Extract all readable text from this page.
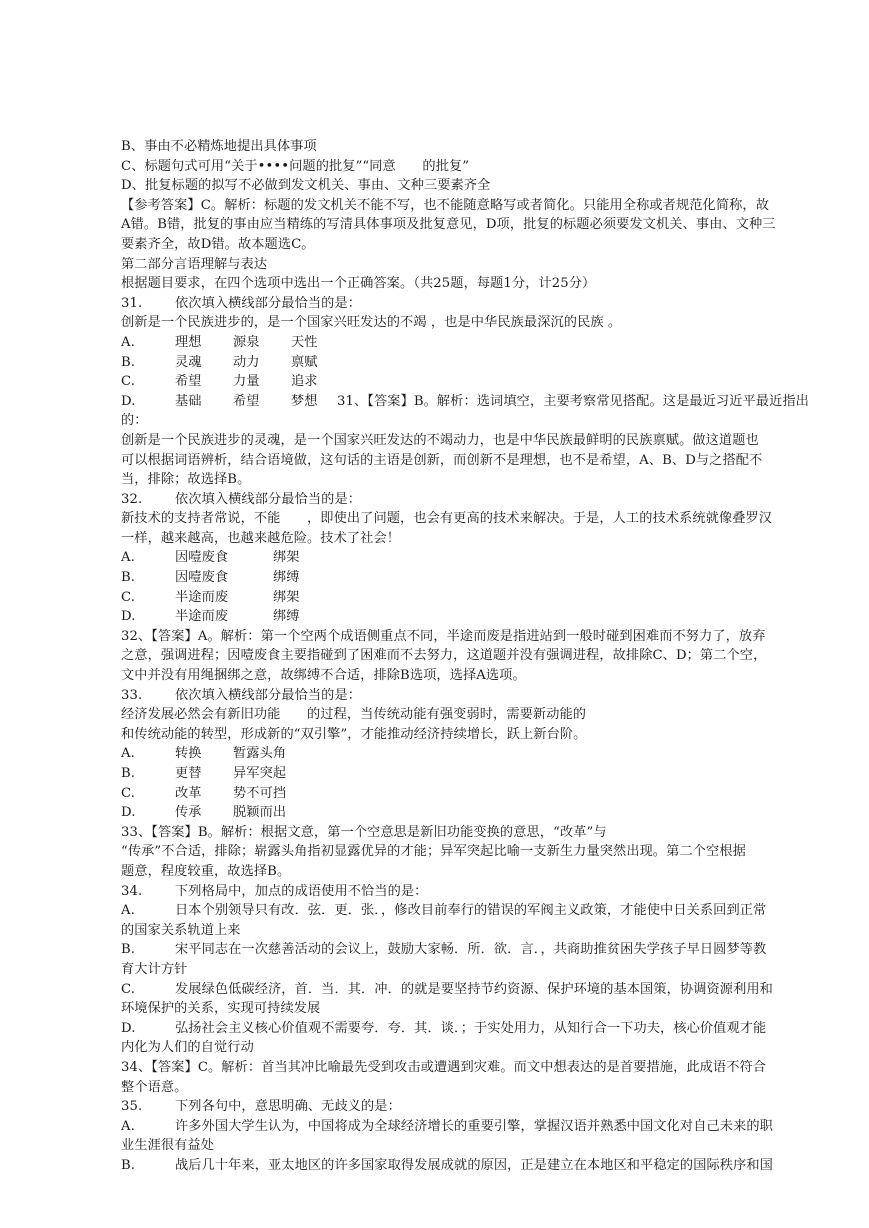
B、事由不必精炼地提出具体事项
C、标题句式可用“关于••••问题的批复”“同意　　的批复”
D、批复标题的拟写不必做到发文机关、事由、文种三要素齐全
【参考答案】C。解析：标题的发文机关不能不写，也不能随意略写或者简化。只能用全称或者规范化简称，故
A错。B错，批复的事由应当精练的写清具体事项及批复意见，D项，批复的标题必须要发文机关、事由、文种三
要素齐全，故D错。故本题选C。
第二部分言语理解与表达
根据题目要求，在四个选项中选出一个正确答案。（共25题，每题1分，计25分）
31. 依次填入横线部分最恰当的是：
创新是一个民族进步的，是一个国家兴旺发达的不竭 ，也是中华民族最深沉的民族 。
A.	理想 源泉 天性
B.	灵魂 动力 禀赋
C.	希望 力量 追求
D.	基础 希望 梦想 31、【答案】B。解析：选词填空，主要考察常见搭配。这是最近习近平最近指出
的：
创新是一个民族进步的灵魂，是一个国家兴旺发达的不竭动力，也是中华民族最鲜明的民族禀赋。做这道题也
可以根据词语辨析，结合语境做，这句话的主语是创新，而创新不是理想，也不是希望，A、B、D与之搭配不
当，排除；故选择B。
32. 依次填入横线部分最恰当的是：
新技术的支持者常说，不能　　，即使出了问题，也会有更高的技术来解决。于是，人工的技术系统就像叠罗汉
一样，越来越高，也越来越危险。技术了社会！
A.	因噎废食	绑架
B.	因噎废食	绑缚
C.	半途而废	绑架
D.	半途而废	绑缚
32、【答案】A。解析：第一个空两个成语侧重点不同，半途而废是指进站到一般时碰到困难而不努力了，放弃
之意，强调进程；因噎废食主要指碰到了困难而不去努力，这道题并没有强调进程，故排除C、D；第二个空，
文中并没有用绳捆绑之意，故绑缚不合适，排除B选项，选择A选项。
33. 依次填入横线部分最恰当的是：
经济发展必然会有新旧功能　　的过程，当传统动能有强变弱时，需要新动能的
和传统动能的转型，形成新的“双引擎”，才能推动经济持续增长，跃上新台阶。
A.	转换 暂露头角
B.	更替 异军突起
C.	改革 势不可挡
D.	传承 脱颖而出
33、【答案】B。解析：根据文意，第一个空意思是新旧功能变换的意思，“改革”与
“传承”不合适，排除；崭露头角指初显露优异的才能；异军突起比喻一支新生力量突然出现。第二个空根据
题意，程度较重，故选择B。
34. 下列格局中，加点的成语使用不恰当的是：
A.	日本个别领导只有改．弦．更．张．，修改目前奉行的错误的军阀主义政策，才能使中日关系回到正常
的国家关系轨道上来
B.	宋平同志在一次慈善活动的会议上，鼓励大家畅．所．欲．言．，共商助推贫困失学孩子早日圆梦等教
育大计方针
C.	发展绿色低碳经济，首．当．其．冲．的就是要坚持节约资源、保护环境的基本国策，协调资源利用和
环境保护的关系，实现可持续发展
D.	弘扬社会主义核心价值观不需要夸．夸．其．谈．；于实处用力，从知行合一下功夫，核心价值观才能
内化为人们的自觉行动
34、【答案】C。解析：首当其冲比喻最先受到攻击或遭遇到灾难。而文中想表达的是首要措施，此成语不符合
整个语意。
35. 下列各句中，意思明确、无歧义的是：
A.	许多外国大学生认为，中国将成为全球经济增长的重要引擎，掌握汉语并熟悉中国文化对自己未来的职
业生涯很有益处
B.	战后几十年来，亚太地区的许多国家取得发展成就的原因，正是建立在本地区和平稳定的国际秩序和国
